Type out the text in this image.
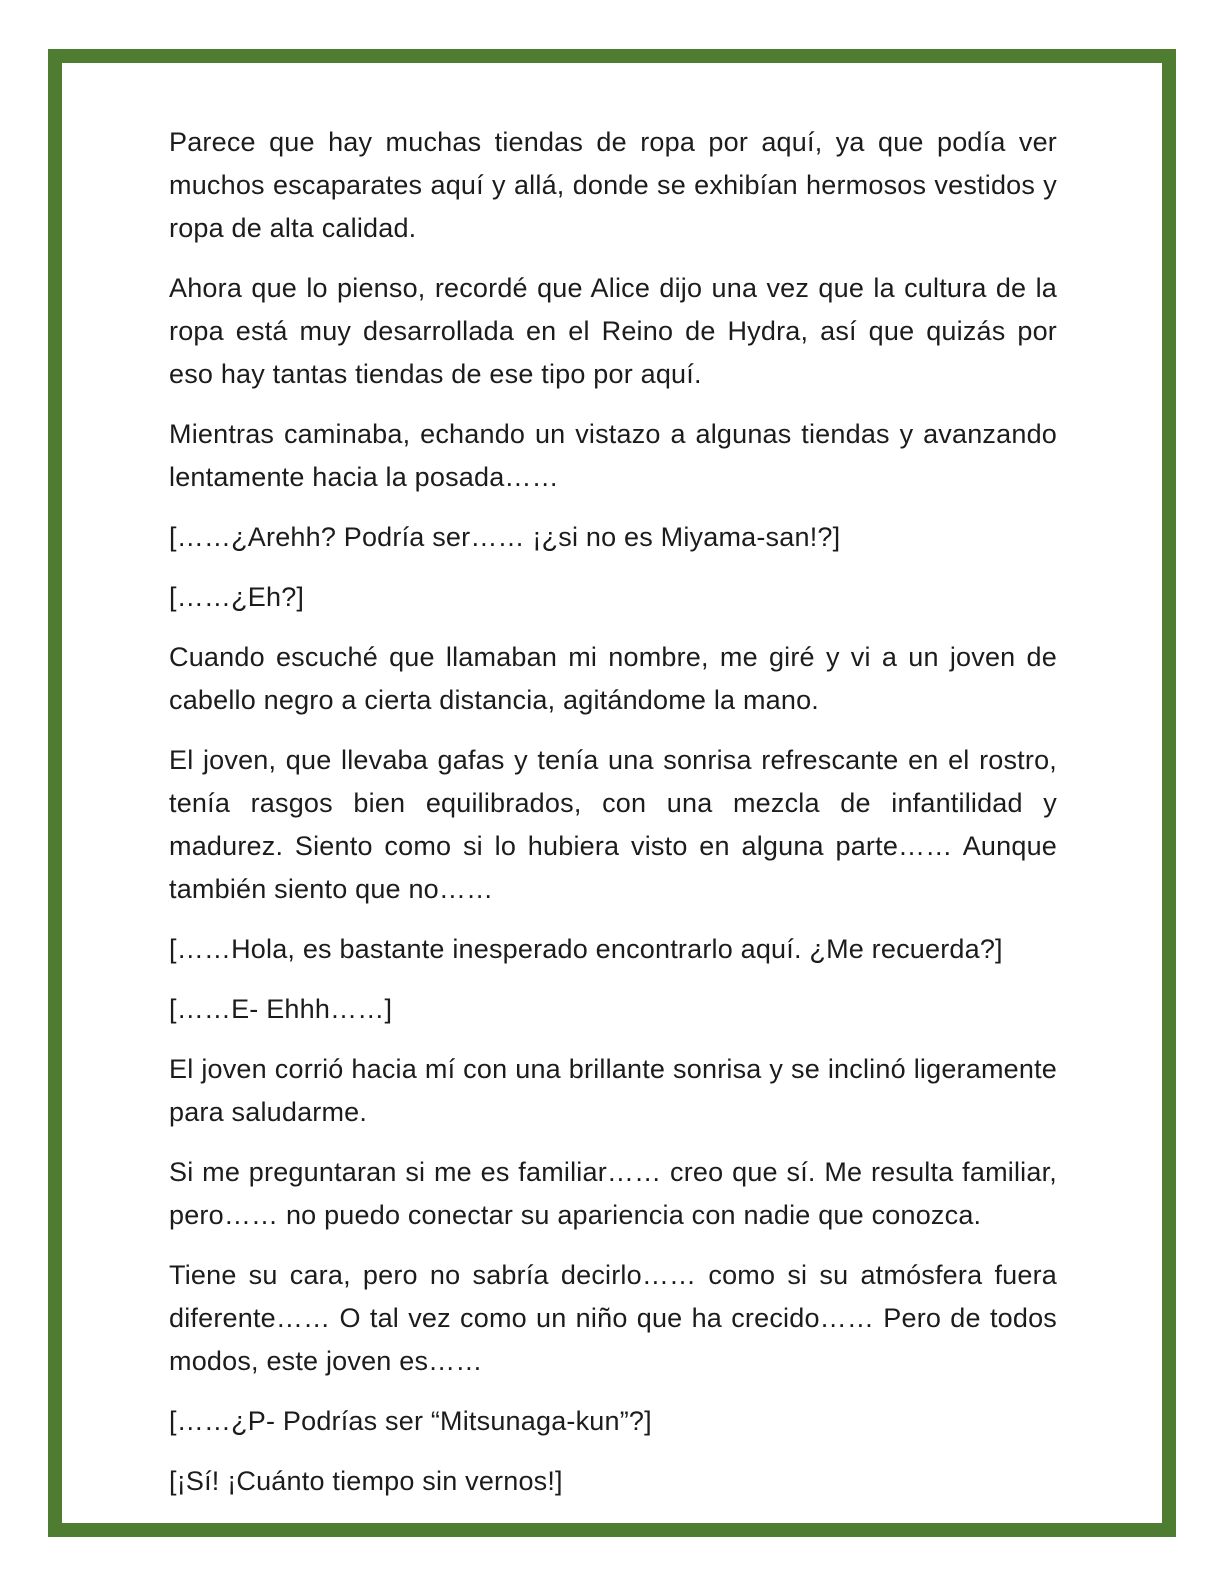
Parece que hay muchas tiendas de ropa por aquí, ya que podía ver muchos escaparates aquí y allá, donde se exhibían hermosos vestidos y ropa de alta calidad.

Ahora que lo pienso, recordé que Alice dijo una vez que la cultura de la ropa está muy desarrollada en el Reino de Hydra, así que quizás por eso hay tantas tiendas de ese tipo por aquí.

Mientras caminaba, echando un vistazo a algunas tiendas y avanzando lentamente hacia la posada……

[……¿Arehh? Podría ser…… ¡¿si no es Miyama-san!?]

[……¿Eh?]

Cuando escuché que llamaban mi nombre, me giré y vi a un joven de cabello negro a cierta distancia, agitándome la mano.

El joven, que llevaba gafas y tenía una sonrisa refrescante en el rostro, tenía rasgos bien equilibrados, con una mezcla de infantilidad y madurez. Siento como si lo hubiera visto en alguna parte…… Aunque también siento que no……

[……Hola, es bastante inesperado encontrarlo aquí. ¿Me recuerda?]

[……E- Ehhh……]

El joven corrió hacia mí con una brillante sonrisa y se inclinó ligeramente para saludarme.

Si me preguntaran si me es familiar…… creo que sí. Me resulta familiar, pero…… no puedo conectar su apariencia con nadie que conozca.

Tiene su cara, pero no sabría decirlo…… como si su atmósfera fuera diferente…… O tal vez como un niño que ha crecido…… Pero de todos modos, este joven es……

[……¿P- Podrías ser “Mitsunaga-kun”?]

[¡Sí! ¡Cuánto tiempo sin vernos!]
